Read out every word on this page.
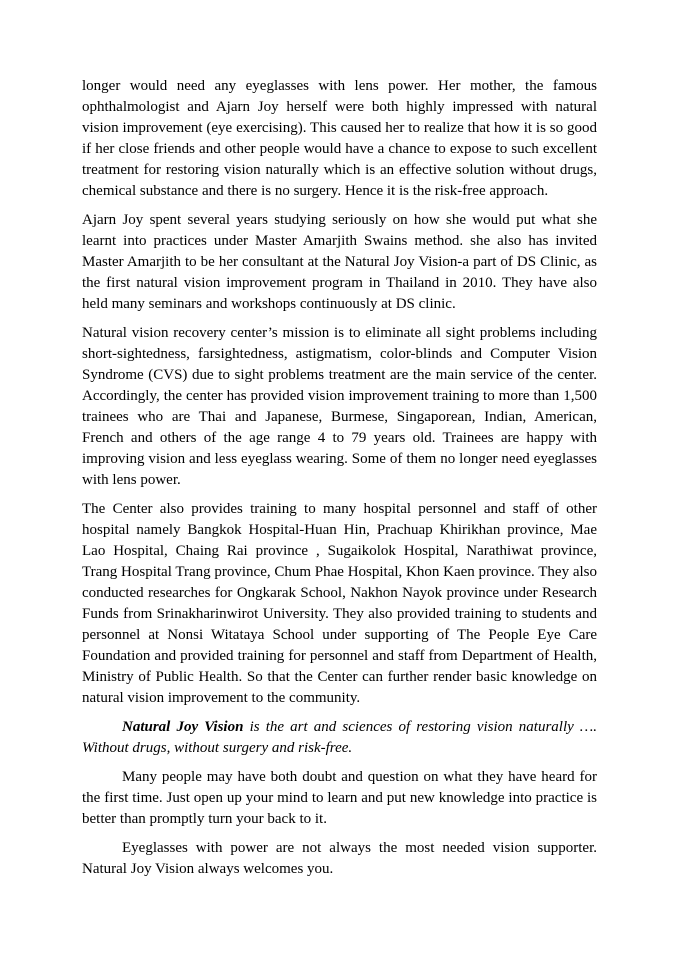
longer would need any eyeglasses with lens power. Her mother, the famous ophthalmologist and Ajarn Joy herself were both highly impressed with natural vision improvement (eye exercising). This caused her to realize that how it is so good if her close friends and other people would have a chance to expose to such excellent treatment for restoring vision naturally which is an effective solution without drugs, chemical substance and there is no surgery. Hence it is the risk-free approach.

Ajarn Joy spent several years studying seriously on how she would put what she learnt into practices under Master Amarjith Swains method. she also has invited Master Amarjith to be her consultant at the Natural Joy Vision-a part of DS Clinic, as the first natural vision improvement program in Thailand in 2010. They have also held many seminars and workshops continuously at DS clinic.

Natural vision recovery center’s mission is to eliminate all sight problems including short-sightedness, farsightedness, astigmatism, color-blinds and Computer Vision Syndrome (CVS) due to sight problems treatment are the main service of the center. Accordingly, the center has provided vision improvement training to more than 1,500 trainees who are Thai and Japanese, Burmese, Singaporean, Indian, American, French and others of the age range 4 to 79 years old. Trainees are happy with improving vision and less eyeglass wearing. Some of them no longer need eyeglasses with lens power.

The Center also provides training to many hospital personnel and staff of other hospital namely Bangkok Hospital-Huan Hin, Prachuap Khirikhan province, Mae Lao Hospital, Chaing Rai province , Sugaikolok Hospital, Narathiwat province, Trang Hospital Trang province, Chum Phae Hospital, Khon Kaen province. They also conducted researches for Ongkarak School, Nakhon Nayok province under Research Funds from Srinakharinwirot University. They also provided training to students and personnel at Nonsi Witataya School under supporting of The People Eye Care Foundation and provided training for personnel and staff from Department of Health, Ministry of Public Health. So that the Center can further render basic knowledge on natural vision improvement to the community.

Natural Joy Vision is the art and sciences of restoring vision naturally …. Without drugs, without surgery and risk-free.

Many people may have both doubt and question on what they have heard for the first time. Just open up your mind to learn and put new knowledge into practice is better than promptly turn your back to it.

Eyeglasses with power are not always the most needed vision supporter. Natural Joy Vision always welcomes you.
